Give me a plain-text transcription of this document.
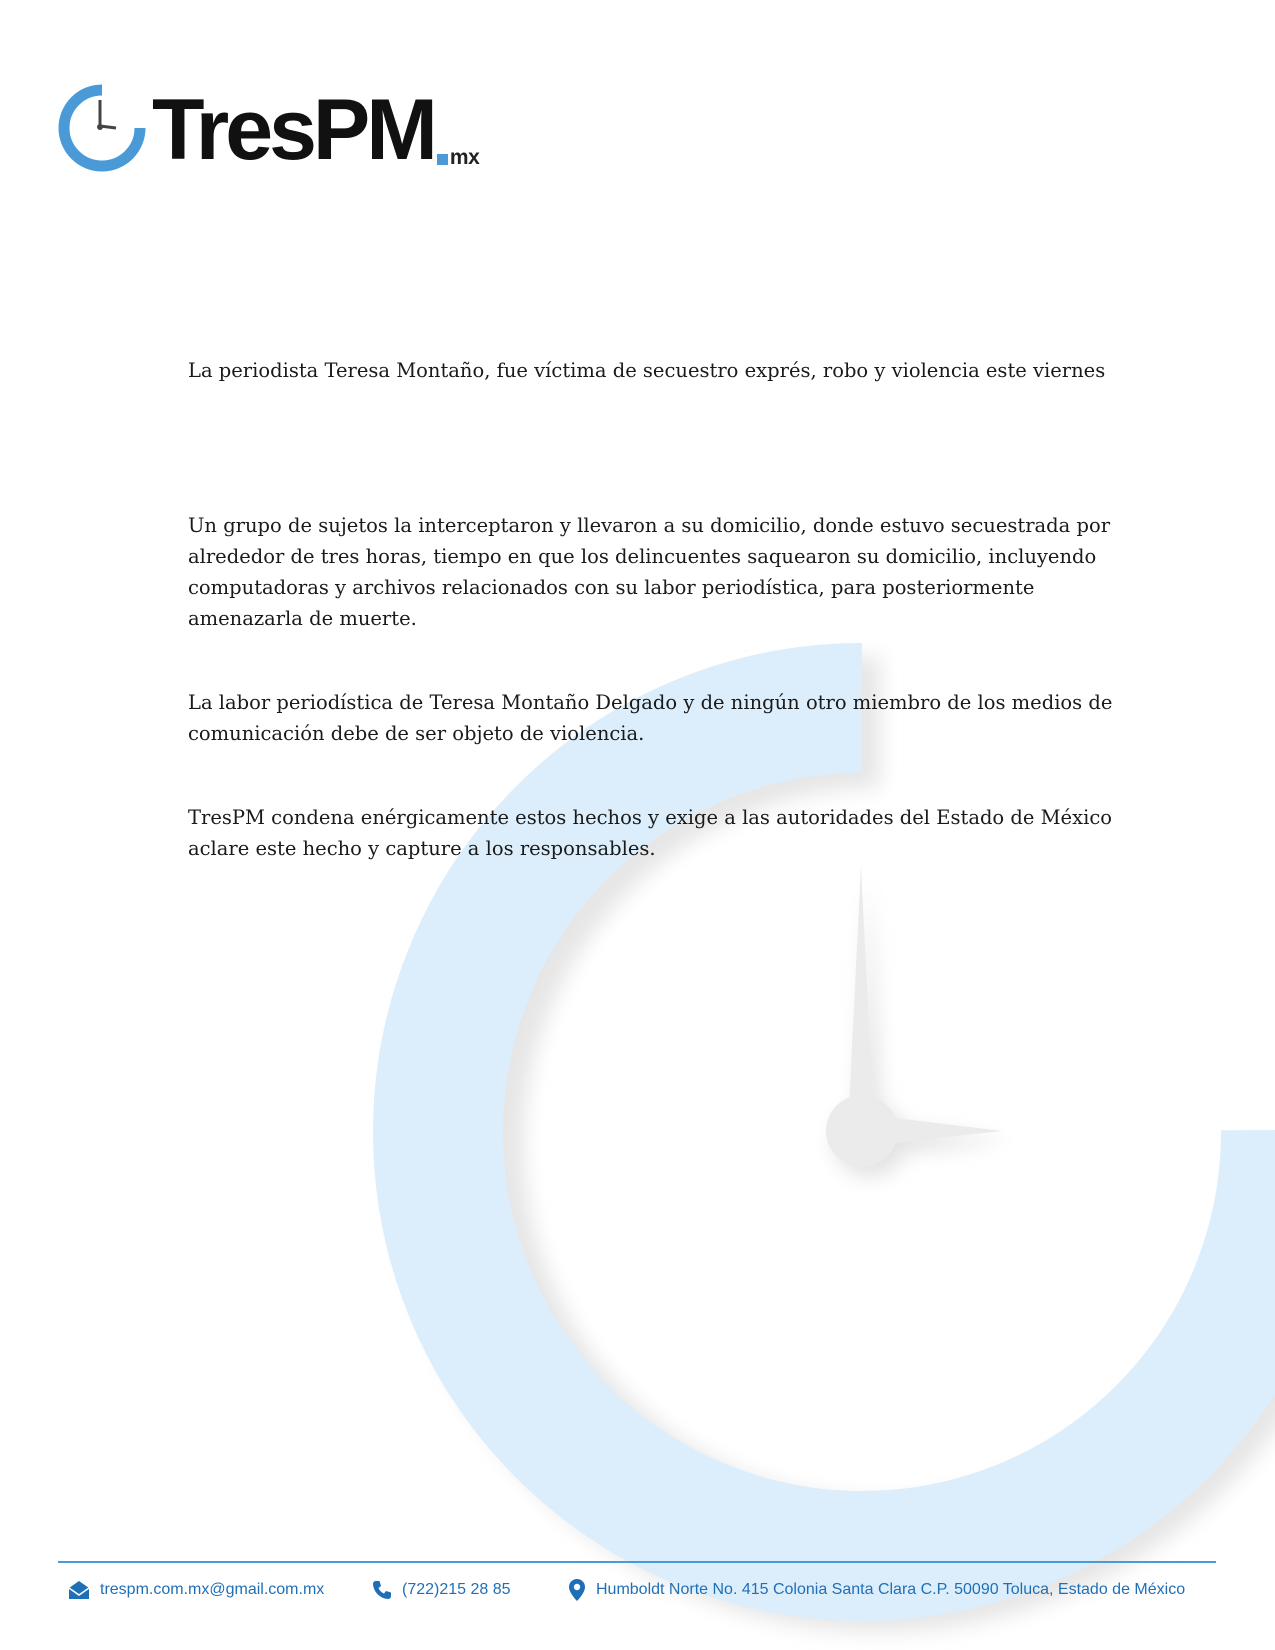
TresPM mx

La periodista Teresa Montaño, fue víctima de secuestro exprés, robo y violencia este viernes

Un grupo de sujetos la interceptaron y llevaron a su domicilio, donde estuvo secuestrada por alrededor de tres horas, tiempo en que los delincuentes saquearon su domicilio, incluyendo computadoras y archivos relacionados con su labor periodística, para posteriormente amenazarla de muerte.

La labor periodística de Teresa Montaño Delgado y de ningún otro miembro de los medios de comunicación debe de ser objeto de violencia.

TresPM condena enérgicamente estos hechos y exige a las autoridades del Estado de México aclare este hecho y capture a los responsables.

trespm.com.mx@gmail.com.mx	(722)215 28 85	Humboldt Norte No. 415 Colonia Santa Clara C.P. 50090 Toluca, Estado de México
